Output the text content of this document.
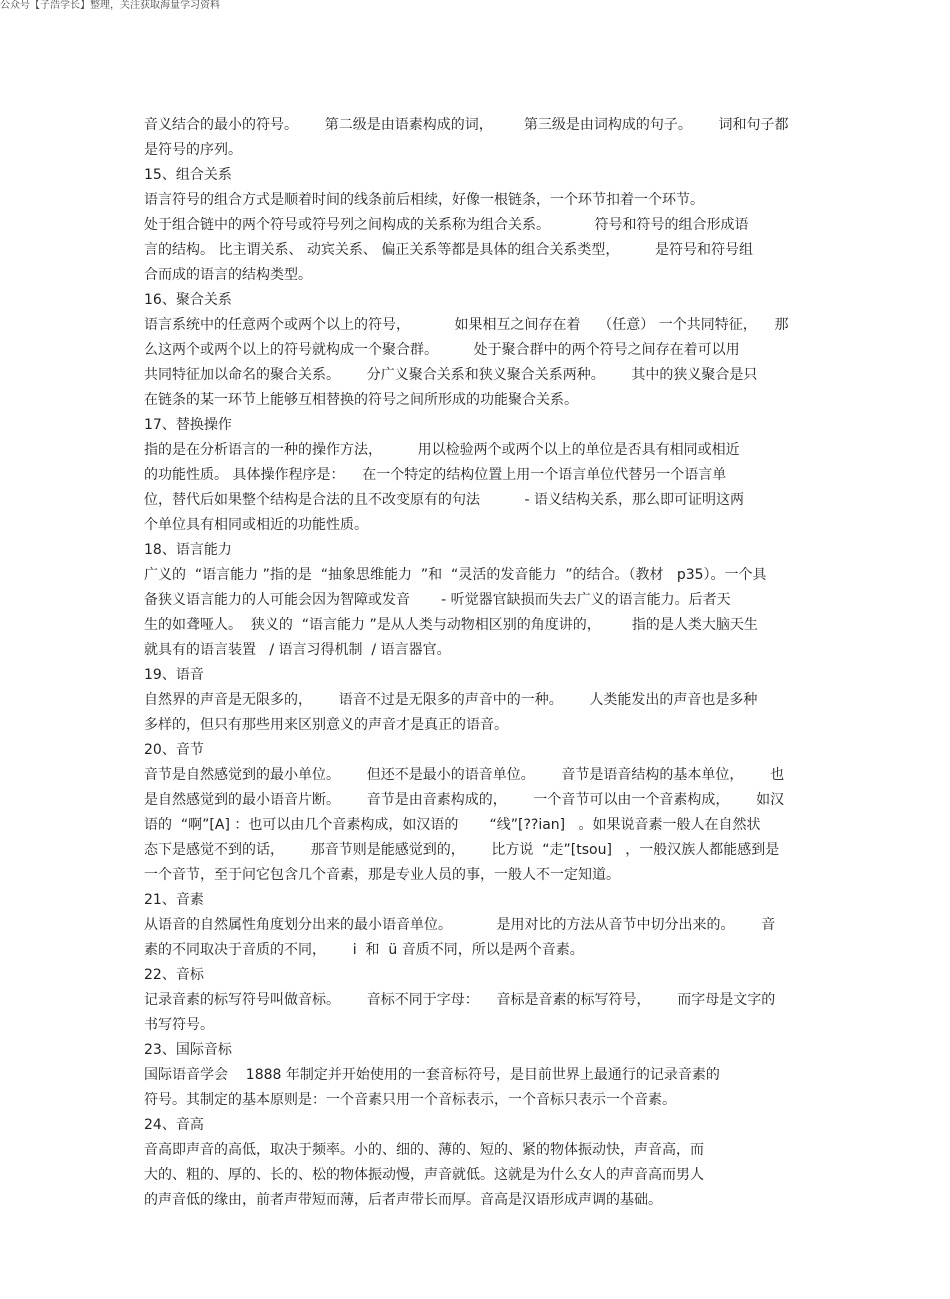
公众号【子浩学长】整理，关注获取海量学习资料
音义结合的最小的符号。      第二级是由语素构成的词，       第三级是由词构成的句子。      词和句子都
是符号的序列。
15、组合关系
语言符号的组合方式是顺着时间的线条前后相续，好像一根链条，一个环节扣着一个环节。
处于组合链中的两个符号或符号列之间构成的关系称为组合关系。          符号和符号的组合形成语
言的结构。 比主谓关系、 动宾关系、 偏正关系等都是具体的组合关系类型，        是符号和符号组
合而成的语言的结构类型。
16、聚合关系
语言系统中的任意两个或两个以上的符号，          如果相互之间存在着    （任意） 一个共同特征，    那
么这两个或两个以上的符号就构成一个聚合群。        处于聚合群中的两个符号之间存在着可以用
共同特征加以命名的聚合关系。      分广义聚合关系和狭义聚合关系两种。      其中的狭义聚合是只
在链条的某一环节上能够互相替换的符号之间所形成的功能聚合关系。
17、替换操作
指的是在分析语言的一种的操作方法，        用以检验两个或两个以上的单位是否具有相同或相近
的功能性质。 具体操作程序是：    在一个特定的结构位置上用一个语言单位代替另一个语言单
位，替代后如果整个结构是合法的且不改变原有的句法          - 语义结构关系，那么即可证明这两
个单位具有相同或相近的功能性质。
18、语言能力
广义的  “语言能力 ”指的是  “抽象思维能力  ”和  “灵活的发音能力  ”的结合。（教材   p35）。一个具
备狭义语言能力的人可能会因为智障或发音       - 听觉器官缺损而失去广义的语言能力。后者天
生的如聋哑人。  狭义的  “语言能力 ”是从人类与动物相区别的角度讲的，       指的是人类大脑天生
就具有的语言装置   / 语言习得机制  / 语言器官。
19、语音
自然界的声音是无限多的，      语音不过是无限多的声音中的一种。      人类能发出的声音也是多种
多样的，但只有那些用来区别意义的声音才是真正的语音。
20、音节
音节是自然感觉到的最小单位。      但还不是最小的语音单位。      音节是语音结构的基本单位，      也
是自然感觉到的最小语音片断。      音节是由音素构成的，      一个音节可以由一个音素构成，      如汉
语的  “啊”[A] ：也可以由几个音素构成，如汉语的       “线”[??ian]   。如果说音素一般人在自然状
态下是感觉不到的话，      那音节则是能感觉到的，      比方说  “走”[tsou]   ，一般汉族人都能感到是
一个音节，至于问它包含几个音素，那是专业人员的事，一般人不一定知道。
21、音素
从语音的自然属性角度划分出来的最小语音单位。          是用对比的方法从音节中切分出来的。      音
素的不同取决于音质的不同，      i  和  ü 音质不同，所以是两个音素。
22、音标
记录音素的标写符号叫做音标。      音标不同于字母：    音标是音素的标写符号，      而字母是文字的
书写符号。
23、国际音标
国际语音学会    1888 年制定并开始使用的一套音标符号，是目前世界上最通行的记录音素的
符号。其制定的基本原则是：一个音素只用一个音标表示，一个音标只表示一个音素。
24、音高
音高即声音的高低，取决于频率。小的、细的、薄的、短的、紧的物体振动快，声音高，而
大的、粗的、厚的、长的、松的物体振动慢，声音就低。这就是为什么女人的声音高而男人
的声音低的缘由，前者声带短而薄，后者声带长而厚。音高是汉语形成声调的基础。
